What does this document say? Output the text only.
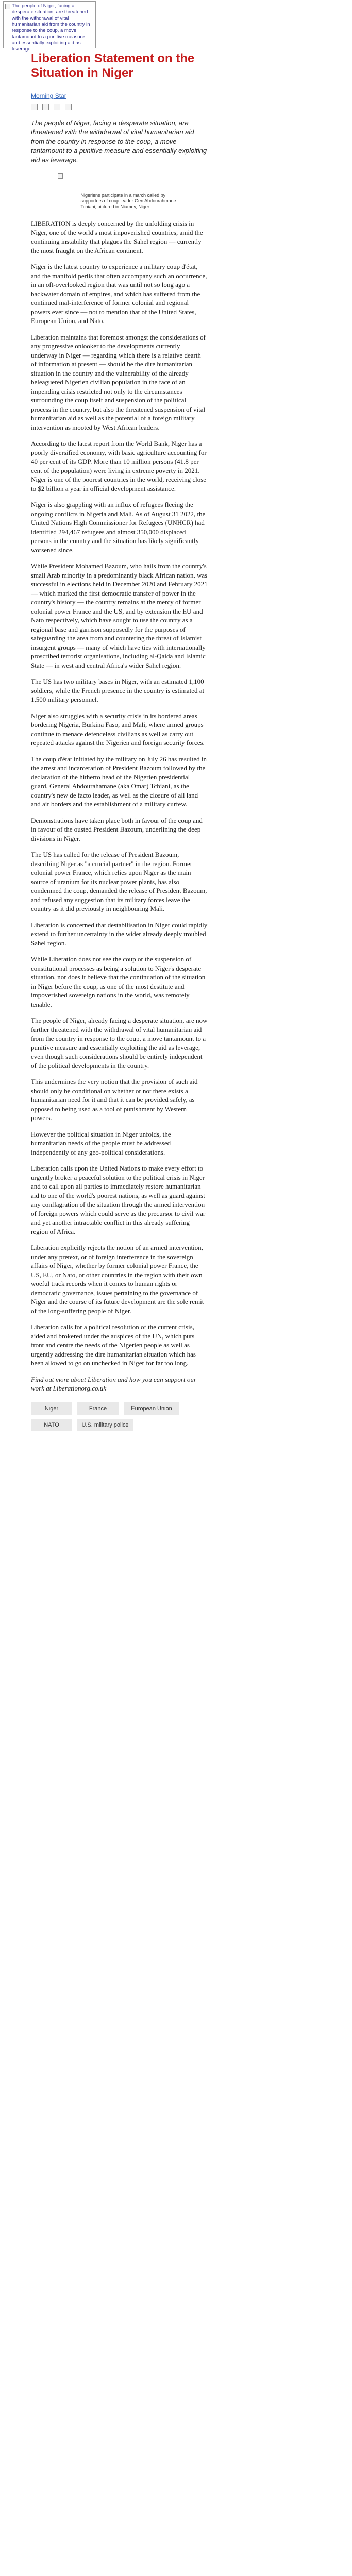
The people of Niger, facing a desperate situation, are threatened with the withdrawal of vital humanitarian aid from the country in response to the coup, a move tantamount to a punitive measure and essentially exploiting aid as leverage.
Liberation Statement on the Situation in Niger
Morning Star

The people of Niger, facing a desperate situation, are threatened with the withdrawal of vital humanitarian aid from the country in response to the coup, a move tantamount to a punitive measure and essentially exploiting aid as leverage.

Nigeriens participate in a march called by supporters of coup leader Gen Abdourahmane Tchiani, pictured in Niamey, Niger.

LIBERATION is deeply concerned by the unfolding crisis in Niger, one of the world's most impoverished countries, amid the continuing instability that plagues the Sahel region — currently the most fraught on the African continent.

Niger is the latest country to experience a military coup d'état, and the manifold perils that often accompany such an occurrence, in an oft-overlooked region that was until not so long ago a backwater domain of empires, and which has suffered from the continued mal-interference of former colonial and regional powers ever since — not to mention that of the United States, European Union, and Nato.

Liberation maintains that foremost amongst the considerations of any progressive onlooker to the developments currently underway in Niger — regarding which there is a relative dearth of information at present — should be the dire humanitarian situation in the country and the vulnerability of the already beleaguered Nigerien civilian population in the face of an impending crisis restricted not only to the circumstances surrounding the coup itself and suspension of the political process in the country, but also the threatened suspension of vital humanitarian aid as well as the potential of a foreign military intervention as mooted by West African leaders.

According to the latest report from the World Bank, Niger has a poorly diversified economy, with basic agriculture accounting for 40 per cent of its GDP. More than 10 million persons (41.8 per cent of the population) were living in extreme poverty in 2021. Niger is one of the poorest countries in the world, receiving close to $2 billion a year in official development assistance.

Niger is also grappling with an influx of refugees fleeing the ongoing conflicts in Nigeria and Mali. As of August 31 2022, the United Nations High Commissioner for Refugees (UNHCR) had identified 294,467 refugees and almost 350,000 displaced persons in the country and the situation has likely significantly worsened since.

While President Mohamed Bazoum, who hails from the country's small Arab minority in a predominantly black African nation, was successful in elections held in December 2020 and February 2021 — which marked the first democratic transfer of power in the country's history — the country remains at the mercy of former colonial power France and the US, and by extension the EU and Nato respectively, which have sought to use the country as a regional base and garrison supposedly for the purposes of safeguarding the area from and countering the threat of Islamist insurgent groups — many of which have ties with internationally proscribed terrorist organisations, including al-Qaida and Islamic State — in west and central Africa's wider Sahel region.

The US has two military bases in Niger, with an estimated 1,100 soldiers, while the French presence in the country is estimated at 1,500 military personnel.

Niger also struggles with a security crisis in its bordered areas bordering Nigeria, Burkina Faso, and Mali, where armed groups continue to menace defenceless civilians as well as carry out repeated attacks against the Nigerien and foreign security forces.

The coup d'état initiated by the military on July 26 has resulted in the arrest and incarceration of President Bazoum followed by the declaration of the hitherto head of the Nigerien presidential guard, General Abdourahamane (aka Omar) Tchiani, as the country's new de facto leader, as well as the closure of all land and air borders and the establishment of a military curfew.

Demonstrations have taken place both in favour of the coup and in favour of the ousted President Bazoum, underlining the deep divisions in Niger.

The US has called for the release of President Bazoum, describing Niger as "a crucial partner" in the region. Former colonial power France, which relies upon Niger as the main source of uranium for its nuclear power plants, has also condemned the coup, demanded the release of President Bazoum, and refused any suggestion that its military forces leave the country as it did previously in neighbouring Mali.

Liberation is concerned that destabilisation in Niger could rapidly extend to further uncertainty in the wider already deeply troubled Sahel region.

While Liberation does not see the coup or the suspension of constitutional processes as being a solution to Niger's desperate situation, nor does it believe that the continuation of the situation in Niger before the coup, as one of the most destitute and impoverished sovereign nations in the world, was remotely tenable.

The people of Niger, already facing a desperate situation, are now further threatened with the withdrawal of vital humanitarian aid from the country in response to the coup, a move tantamount to a punitive measure and essentially exploiting the aid as leverage, even though such considerations should be entirely independent of the political developments in the country.

This undermines the very notion that the provision of such aid should only be conditional on whether or not there exists a humanitarian need for it and that it can be provided safely, as opposed to being used as a tool of punishment by Western powers.

However the political situation in Niger unfolds, the humanitarian needs of the people must be addressed independently of any geo-political considerations.

Liberation calls upon the United Nations to make every effort to urgently broker a peaceful solution to the political crisis in Niger and to call upon all parties to immediately restore humanitarian aid to one of the world's poorest nations, as well as guard against any conflagration of the situation through the armed intervention of foreign powers which could serve as the precursor to civil war and yet another intractable conflict in this already suffering region of Africa.

Liberation explicitly rejects the notion of an armed intervention, under any pretext, or of foreign interference in the sovereign affairs of Niger, whether by former colonial power France, the US, EU, or Nato, or other countries in the region with their own woeful track records when it comes to human rights or democratic governance, issues pertaining to the governance of Niger and the course of its future development are the sole remit of the long-suffering people of Niger.

Liberation calls for a political resolution of the current crisis, aided and brokered under the auspices of the UN, which puts front and centre the needs of the Nigerien people as well as urgently addressing the dire humanitarian situation which has been allowed to go on unchecked in Niger for far too long.

Find out more about Liberation and how you can support our work at Liberationorg.co.uk

Niger	France	European Union
NATO	U.S. military police
